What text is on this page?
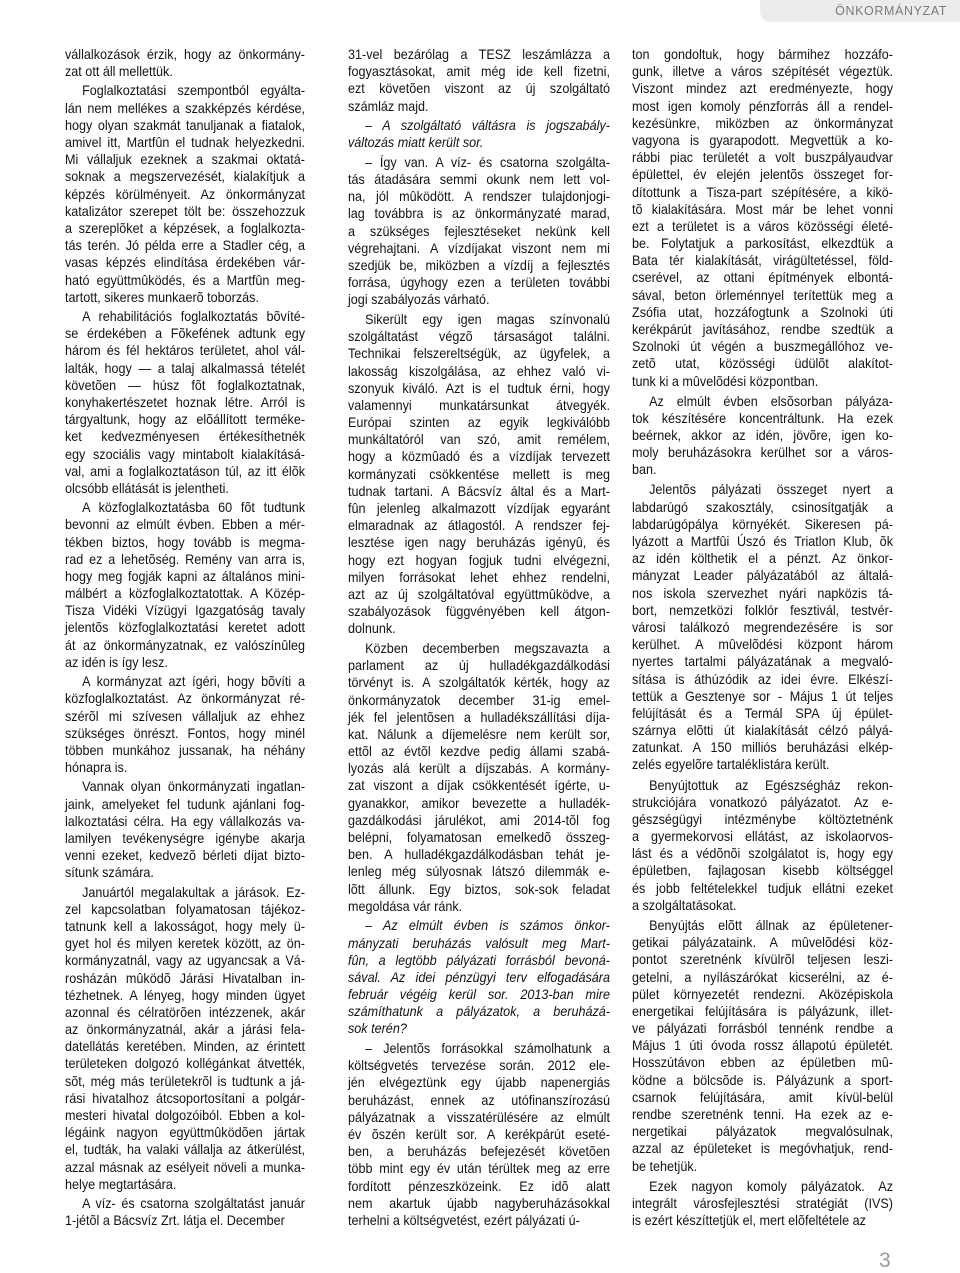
ÖNKORMÁNYZAT
vállalkozások érzik, hogy az önkormány-
zat ott áll mellettük.
Foglalkoztatási szempontból egyálta-
lán nem mellékes a szakképzés kérdése,
hogy olyan szakmát tanuljanak a fiatalok,
amivel itt, Martfûn el tudnak helyezkedni.
Mi vállaljuk ezeknek a szakmai oktatá-
soknak a megszervezését, kialakítjuk a
képzés körülményeit. Az önkormányzat
katalizátor szerepet tölt be: összehozzuk
a szereplõket a képzések, a foglalkozta-
tás terén. Jó példa erre a Stadler cég, a
vasas képzés elindítása érdekében vár-
ható együttmûködés, és a Martfûn meg-
tartott, sikeres munkaerõ toborzás.
A rehabilitációs foglalkoztatás bõvíté-
se érdekében a Fõkefének adtunk egy
három és fél hektáros területet, ahol vál-
lalták, hogy — a talaj alkalmassá tételét
követõen — húsz fõt foglalkoztatnak,
konyhakertészetet hoznak létre. Arról is
tárgyaltunk, hogy az elõállított terméke-
ket kedvezményesen értékesíthetnék
egy szociális vagy mintabolt kialakításá-
val, ami a foglalkoztatáson túl, az itt élõk
olcsóbb ellátását is jelentheti.
A közfoglalkoztatásba 60 fõt tudtunk
bevonni az elmúlt évben. Ebben a mér-
tékben biztos, hogy tovább is megma-
rad ez a lehetõség. Remény van arra is,
hogy meg fogják kapni az általános mini-
málbért a közfoglalkoztatottak. A Közép-
Tisza Vidéki Vízügyi Igazgatóság tavaly
jelentõs közfoglalkoztatási keretet adott
át az önkormányzatnak, ez valószínûleg
az idén is így lesz.
A kormányzat azt ígéri, hogy bõvíti a
közfoglalkoztatást. Az önkormányzat ré-
szérõl mi szívesen vállaljuk az ehhez
szükséges önrészt. Fontos, hogy minél
többen munkához jussanak, ha néhány
hónapra is.
Vannak olyan önkormányzati ingatlan-
jaink, amelyeket fel tudunk ajánlani fog-
lalkoztatási célra. Ha egy vállalkozás va-
lamilyen tevékenységre igénybe akarja
venni ezeket, kedvezõ bérleti díjat bizto-
sítunk számára.
Januártól megalakultak a járások. Ez-
zel kapcsolatban folyamatosan tájékoz-
tatnunk kell a lakosságot, hogy mely ü-
gyet hol és milyen keretek között, az ön-
kormányzatnál, vagy az ugyancsak a Vá-
rosházán mûködõ Járási Hivatalban in-
tézhetnek. A lényeg, hogy minden ügyet
azonnal és célratörõen intézzenek, akár
az önkormányzatnál, akár a járási fela-
datellátás keretében. Minden, az érintett
területeken dolgozó kollégánkat átvették,
sõt, még más területekrõl is tudtunk a já-
rási hivatalhoz átcsoportosítani a polgár-
mesteri hivatal dolgozóiból. Ebben a kol-
légáink nagyon együttmûködõen jártak
el, tudták, ha valaki vállalja az átkerülést,
azzal másnak az esélyeit növeli a munka-
helye megtartására.
A víz- és csatorna szolgáltatást január
1-jétõl a Bácsvíz Zrt. látja el. December
31-vel bezárólag a TESZ leszámlázza a
fogyasztásokat, amit még ide kell fizetni,
ezt követõen viszont az új szolgáltató
számláz majd.
– A szolgáltató váltásra is jogszabály-
változás miatt került sor.
– Így van. A víz- és csatorna szolgálta-
tás átadására semmi okunk nem lett vol-
na, jól mûködött. A rendszer tulajdonjogi-
lag továbbra is az önkormányzaté marad,
a szükséges fejlesztéseket nekünk kell
végrehajtani. A vízdíjakat viszont nem mi
szedjük be, miközben a vízdíj a fejlesztés
forrása, úgyhogy ezen a területen további
jogi szabályozás várható.
Sikerült egy igen magas színvonalú
szolgáltatást végzõ társaságot találni.
Technikai felszereltségük, az ügyfelek, a
lakosság kiszolgálása, az ehhez való vi-
szonyuk kiváló. Azt is el tudtuk érni, hogy
valamennyi munkatársunkat átvegyék.
Európai szinten az egyik legkiválóbb
munkáltatóról van szó, amit remélem,
hogy a közmûadó és a vízdíjak tervezett
kormányzati csökkentése mellett is meg
tudnak tartani. A Bácsvíz által és a Mart-
fûn jelenleg alkalmazott vízdíjak egyaránt
elmaradnak az átlagostól. A rendszer fej-
lesztése igen nagy beruházás igényû, és
hogy ezt hogyan fogjuk tudni elvégezni,
milyen forrásokat lehet ehhez rendelni,
azt az új szolgáltatóval együttmûködve, a
szabályozások függvényében kell átgon-
dolnunk.
Közben decemberben megszavazta a
parlament az új hulladékgazdálkodási
törvényt is. A szolgáltatók kérték, hogy az
önkormányzatok december 31-ig emel-
jék fel jelentõsen a hulladékszállítási díja-
kat. Nálunk a díjemelésre nem került sor,
ettõl az évtõl kezdve pedig állami szabá-
lyozás alá került a díjszabás. A kormány-
zat viszont a díjak csökkentését ígérte, u-
gyanakkor, amikor bevezette a hulladék-
gazdálkodási járulékot, ami 2014-tõl fog
belépni, folyamatosan emelkedõ összeg-
ben. A hulladékgazdálkodásban tehát je-
lenleg még súlyosnak látszó dilemmák e-
lõtt állunk. Egy biztos, sok-sok feladat
megoldása vár ránk.
– Az elmúlt évben is számos önkor-
mányzati beruházás valósult meg Mart-
fûn, a legtöbb pályázati forrásból bevoná-
sával. Az idei pénzügyi terv elfogadására
február végéig kerül sor. 2013-ban mire
számíthatunk a pályázatok, a beruházá-
sok terén?
– Jelentõs forrásokkal számolhatunk a
költségvetés tervezése során. 2012 ele-
jén elvégeztünk egy újabb napenergiás
beruházást, ennek az utófinanszírozású
pályázatnak a visszatérülésére az elmúlt
év õszén került sor. A kerékpárút eseté-
ben, a beruházás befejezését követõen
több mint egy év után térültek meg az erre
fordított pénzeszközeink. Ez idõ alatt
nem akartuk újabb nagyberuházásokkal
terhelni a költségvetést, ezért pályázati ú-
ton gondoltuk, hogy bármihez hozzáfo-
gunk, illetve a város szépítését végeztük.
Viszont mindez azt eredményezte, hogy
most igen komoly pénzforrás áll a rendel-
kezésünkre, miközben az önkormányzat
vagyona is gyarapodott. Megvettük a ko-
rábbi piac területét a volt buszpályaudvar
épülettel, év elején jelentõs összeget for-
dítottunk a Tisza-part szépítésére, a kikö-
tõ kialakítására. Most már be lehet vonni
ezt a területet is a város közösségi életé-
be. Folytatjuk a parkosítást, elkezdtük a
Bata tér kialakítását, virágültetéssel, föld-
cserével, az ottani építmények elbontá-
sával, beton örleménnyel terítettük meg a
Zsófia utat, hozzáfogtunk a Szolnoki úti
kerékpárút javításához, rendbe szedtük a
Szolnoki út végén a buszmegállóhoz ve-
zetõ utat, közösségi üdülõt alakítot-
tunk ki a mûvelõdési központban.
Az elmúlt évben elsõsorban pályáza-
tok készítésére koncentráltunk. Ha ezek
beérnek, akkor az idén, jövõre, igen ko-
moly beruházásokra kerülhet sor a város-
ban.
Jelentõs pályázati összeget nyert a
labdarúgó szakosztály, csinosítgatják a
labdarúgópálya környékét. Sikeresen pá-
lyázott a Martfûi Úszó és Triatlon Klub, õk
az idén költhetik el a pénzt. Az önkor-
mányzat Leader pályázatából az általá-
nos iskola szervezhet nyári napközis tá-
bort, nemzetközi folklór fesztivál, testvér-
városi találkozó megrendezésére is sor
kerülhet. A mûvelõdési központ három
nyertes tartalmi pályázatának a megvaló-
sítása is áthúzódik az idei évre. Elkészí-
tettük a Gesztenye sor - Május 1 út teljes
felújítását és a Termál SPA új épület-
szárnya elõtti út kialakítását célzó pályá-
zatunkat. A 150 milliós beruházási elkép-
zelés egyelõre tartaléklistára került.
Benyújtottuk az Egészségház rekon-
strukciójára vonatkozó pályázatot. Az e-
gészségügyi intézménybe költöztetnénk
a gyermekorvosi ellátást, az iskolaorvos-
lást és a védõnõi szolgálatot is, hogy egy
épületben, fajlagosan kisebb költséggel
és jobb feltételekkel tudjuk ellátni ezeket
a szolgáltatásokat.
Benyújtás elõtt állnak az épületener-
getikai pályázataink. A mûvelõdési köz-
pontot szeretnénk kívülrõl teljesen leszi-
getelni, a nyílászárókat kicserélni, az é-
pület környezetét rendezni. Aközépiskola
energetikai felújítására is pályázunk, illet-
ve pályázati forrásból tennénk rendbe a
Május 1 úti óvoda rossz állapotú épületét.
Hosszútávon ebben az épületben mû-
ködne a bölcsõde is. Pályázunk a sport-
csarnok felújítására, amit kívül-belül
rendbe szeretnénk tenni. Ha ezek az e-
nergetikai pályázatok megvalósulnak,
azzal az épületeket is megóvhatjuk, rend-
be tehetjük.
Ezek nagyon komoly pályázatok. Az
integrált városfejlesztési stratégiát (IVS)
is ezért készíttetjük el, mert elõfeltétele az
3
